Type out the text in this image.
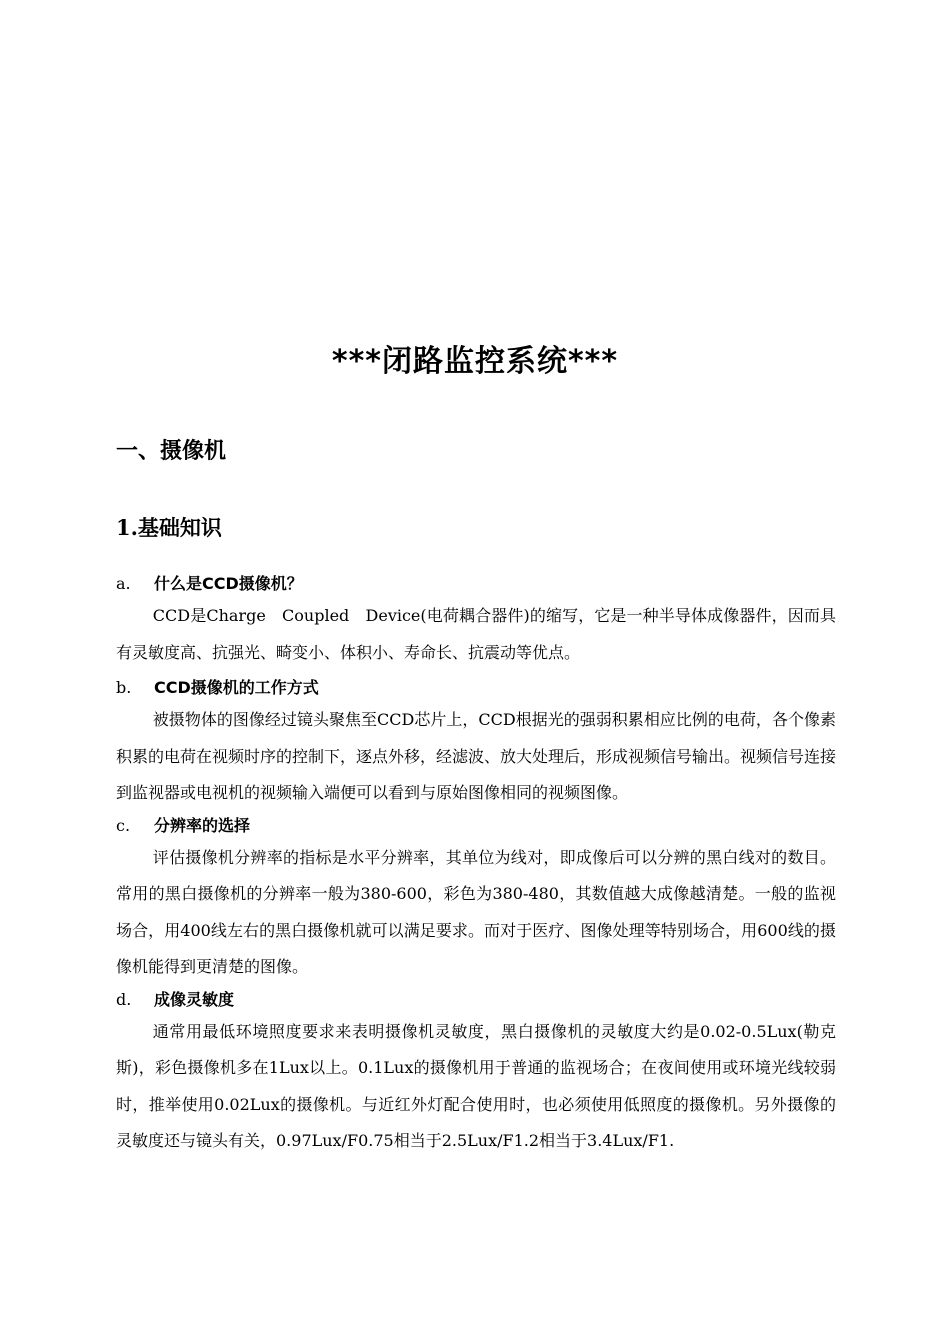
***闭路监控系统***
一、摄像机
1.基础知识
a. 什么是CCD摄像机？

CCD是Charge　Coupled　Device(电荷耦合器件)的缩写，它是一种半导体成像器件，因而具有灵敏度高、抗强光、畸变小、体积小、寿命长、抗震动等优点。

b. CCD摄像机的工作方式

被摄物体的图像经过镜头聚焦至CCD芯片上，CCD根据光的强弱积累相应比例的电荷，各个像素积累的电荷在视频时序的控制下，逐点外移，经滤波、放大处理后，形成视频信号输出。视频信号连接到监视器或电视机的视频输入端便可以看到与原始图像相同的视频图像。

c. 分辨率的选择

评估摄像机分辨率的指标是水平分辨率，其单位为线对，即成像后可以分辨的黑白线对的数目。常用的黑白摄像机的分辨率一般为380-600，彩色为380-480，其数值越大成像越清楚。一般的监视场合，用400线左右的黑白摄像机就可以满足要求。而对于医疗、图像处理等特别场合，用600线的摄像机能得到更清楚的图像。

d. 成像灵敏度

通常用最低环境照度要求来表明摄像机灵敏度，黑白摄像机的灵敏度大约是0.02-0.5Lux(勒克斯)，彩色摄像机多在1Lux以上。0.1Lux的摄像机用于普通的监视场合；在夜间使用或环境光线较弱时，推举使用0.02Lux的摄像机。与近红外灯配合使用时，也必须使用低照度的摄像机。另外摄像的灵敏度还与镜头有关，0.97Lux/F0.75相当于2.5Lux/F1.2相当于3.4Lux/F1.
